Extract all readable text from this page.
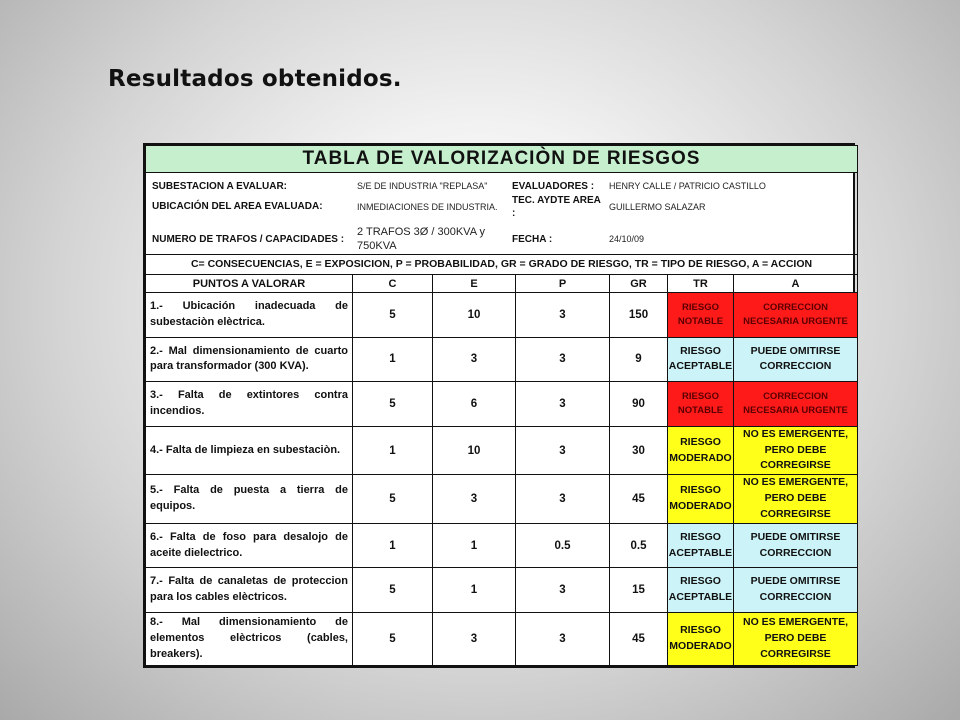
Resultados obtenidos.
TABLA DE VALORIZACIÒN DE RIESGOS

SUBESTACION A EVALUAR:	S/E DE INDUSTRIA "REPLASA"	EVALUADORES :	HENRY CALLE / PATRICIO CASTILLO
UBICACIÓN DEL AREA EVALUADA:	INMEDIACIONES DE INDUSTRIA.	TEC. AYDTE AREA :	GUILLERMO SALAZAR

NUMERO DE TRAFOS / CAPACIDADES :	2 TRAFOS 3Ø / 300KVA y 750KVA	FECHA :	24/10/09

C= CONSECUENCIAS, E = EXPOSICION, P = PROBABILIDAD, GR = GRADO DE RIESGO, TR = TIPO DE RIESGO, A = ACCION
PUNTOS A VALORAR	C	E	P	GR	TR	A
1.- Ubicación inadecuada de subestaciòn elèctrica.	5	10	3	150	RIESGO NOTABLE	CORRECCION NECESARIA URGENTE
2.- Mal dimensionamiento de cuarto para transformador (300 KVA).	1	3	3	9	RIESGO ACEPTABLE	PUEDE OMITIRSE CORRECCION
3.- Falta de extintores contra incendios.	5	6	3	90	RIESGO NOTABLE	CORRECCION NECESARIA URGENTE
4.- Falta de limpieza en subestaciòn.	1	10	3	30	RIESGO MODERADO	NO ES EMERGENTE, PERO DEBE CORREGIRSE
5.- Falta de puesta a tierra de equipos.	5	3	3	45	RIESGO MODERADO	NO ES EMERGENTE, PERO DEBE CORREGIRSE
6.- Falta de foso para desalojo de aceite dielectrico.	1	1	0.5	0.5	RIESGO ACEPTABLE	PUEDE OMITIRSE CORRECCION
7.- Falta de canaletas de proteccion para los cables elèctricos.	5	1	3	15	RIESGO ACEPTABLE	PUEDE OMITIRSE CORRECCION
8.- Mal dimensionamiento de elementos elèctricos (cables, breakers).	5	3	3	45	RIESGO MODERADO	NO ES EMERGENTE, PERO DEBE CORREGIRSE
